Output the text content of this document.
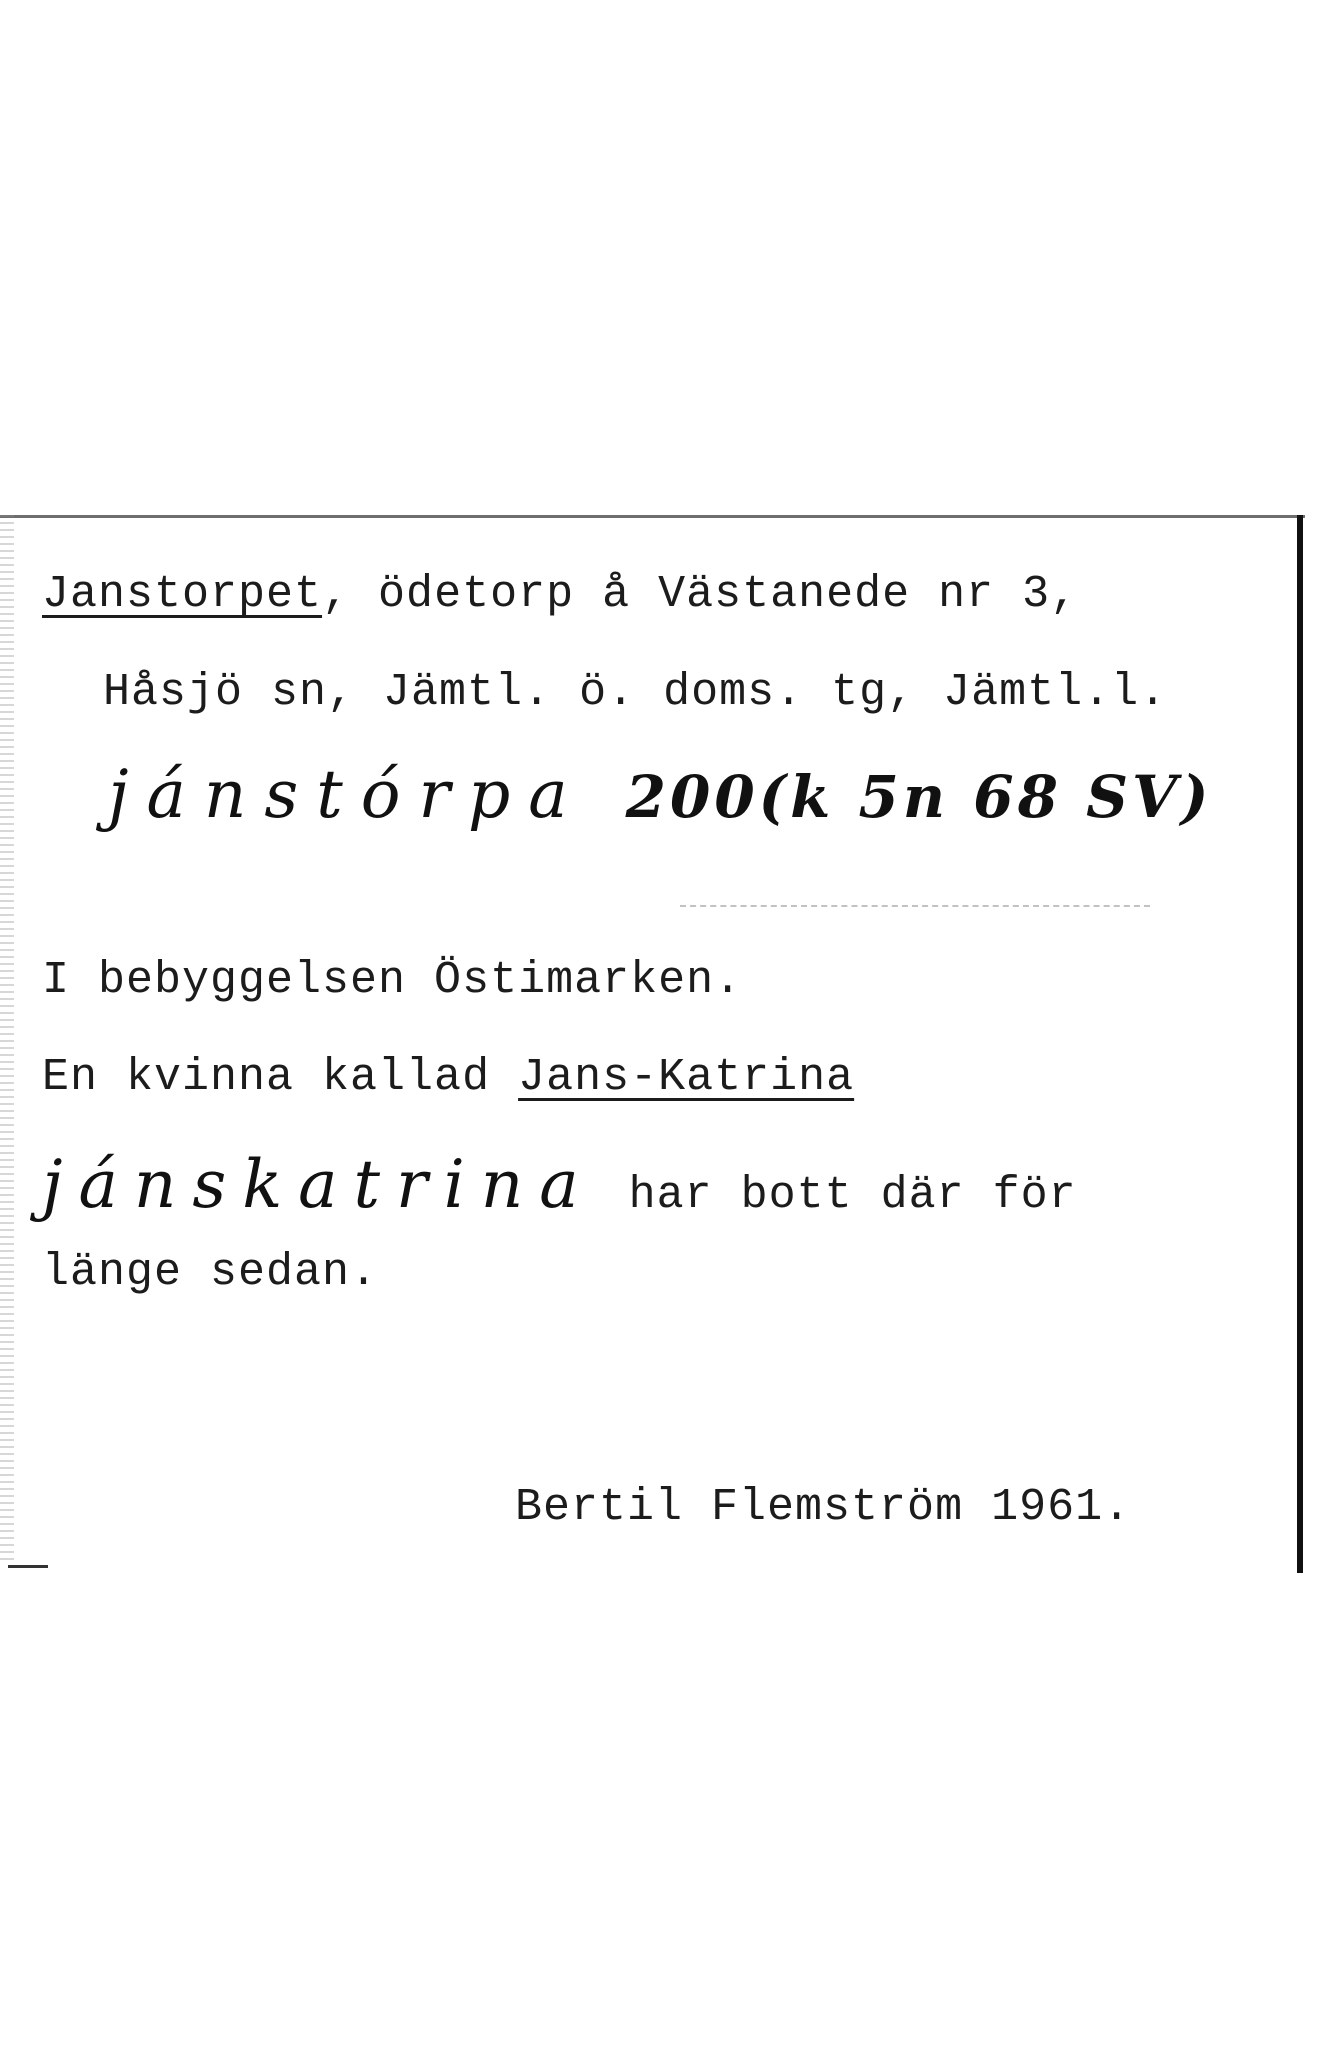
Janstorpet, ödetorp å Västanede nr 3,
Håsjö sn, Jämtl. ö. doms. tg, Jämtl.l.
jánstórpa 200(k 5n 68 SV)
I bebyggelsen Östimarken.
En kvinna kallad Jans-Katrina
jánskatrina har bott där för
länge sedan.
Bertil Flemström 1961.
